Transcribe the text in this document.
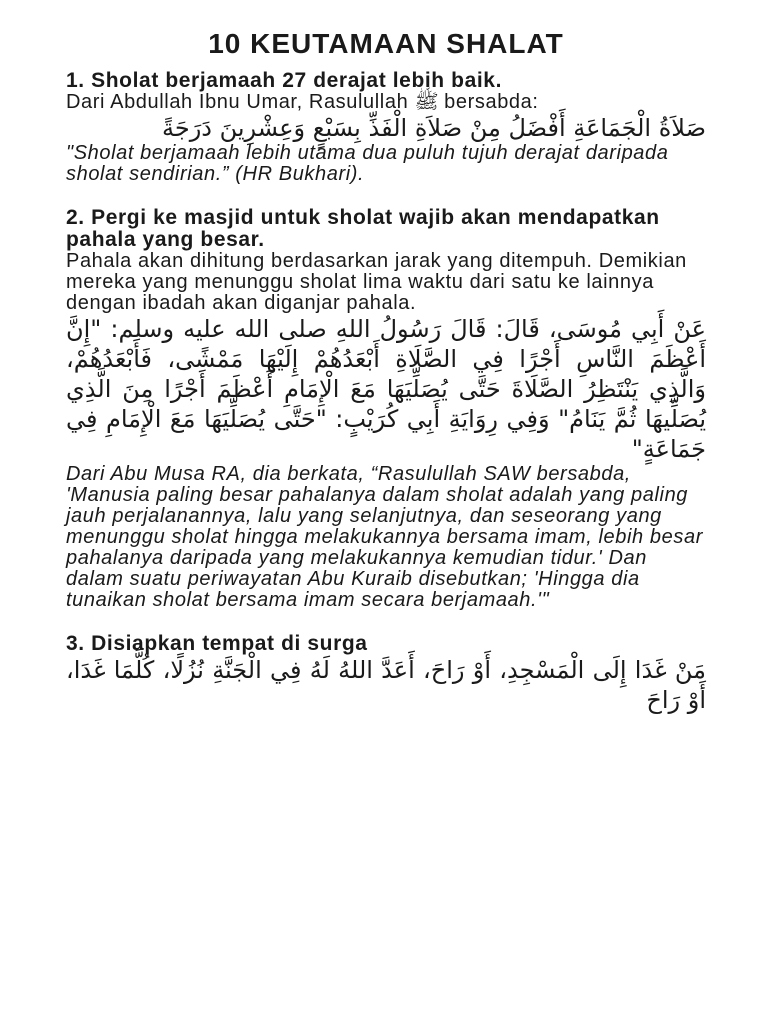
10 KEUTAMAAN SHALAT

1. Sholat berjamaah 27 derajat lebih baik.

Dari Abdullah Ibnu Umar, Rasulullah ﷺ bersabda:

صَلاَةُ الْجَمَاعَةِ أَفْضَلُ مِنْ صَلاَةِ الْفَذِّ بِسَبْعٍ وَعِشْرِينَ دَرَجَةً

"Sholat berjamaah lebih utama dua puluh tujuh derajat daripada sholat sendirian.” (HR Bukhari).

2. Pergi ke masjid untuk sholat wajib akan mendapatkan pahala yang besar.

Pahala akan dihitung berdasarkan jarak yang ditempuh. Demikian mereka yang menunggu sholat lima waktu dari satu ke lainnya dengan ibadah akan diganjar pahala.

عَنْ أَبِي مُوسَى، قَالَ: قَالَ رَسُولُ اللهِ صلى الله عليه وسلم: "إِنَّ أَعْظَمَ النَّاسِ أَجْرًا فِي الصَّلَاةِ أَبْعَدُهُمْ إِلَيْهَا مَمْشًى، فَأَبْعَدُهُمْ، وَالَّذِي يَنْتَظِرُ الصَّلَاةَ حَتَّى يُصَلِّيَهَا مَعَ الْإِمَامِ أَعْظَمَ أَجْرًا مِنَ الَّذِي يُصَلِّيهَا ثُمَّ يَنَامُ" وَفِي رِوَايَةِ أَبِي كُرَيْبٍ: "حَتَّى يُصَلِّيَهَا مَعَ الْإِمَامِ فِي جَمَاعَةٍ"

Dari Abu Musa RA, dia berkata, “Rasulullah SAW bersabda, 'Manusia paling besar pahalanya dalam sholat adalah yang paling jauh perjalanannya, lalu yang selanjutnya, dan seseorang yang menunggu sholat hingga melakukannya bersama imam, lebih besar pahalanya daripada yang melakukannya kemudian tidur.' Dan dalam suatu periwayatan Abu Kuraib disebutkan; 'Hingga dia tunaikan sholat bersama imam secara berjamaah.'"

3. Disiapkan tempat di surga

مَنْ غَدَا إِلَى الْمَسْجِدِ، أَوْ رَاحَ، أَعَدَّ اللهُ لَهُ فِي الْجَنَّةِ نُزُلًا، كُلَّمَا غَدَا، أَوْ رَاحَ
